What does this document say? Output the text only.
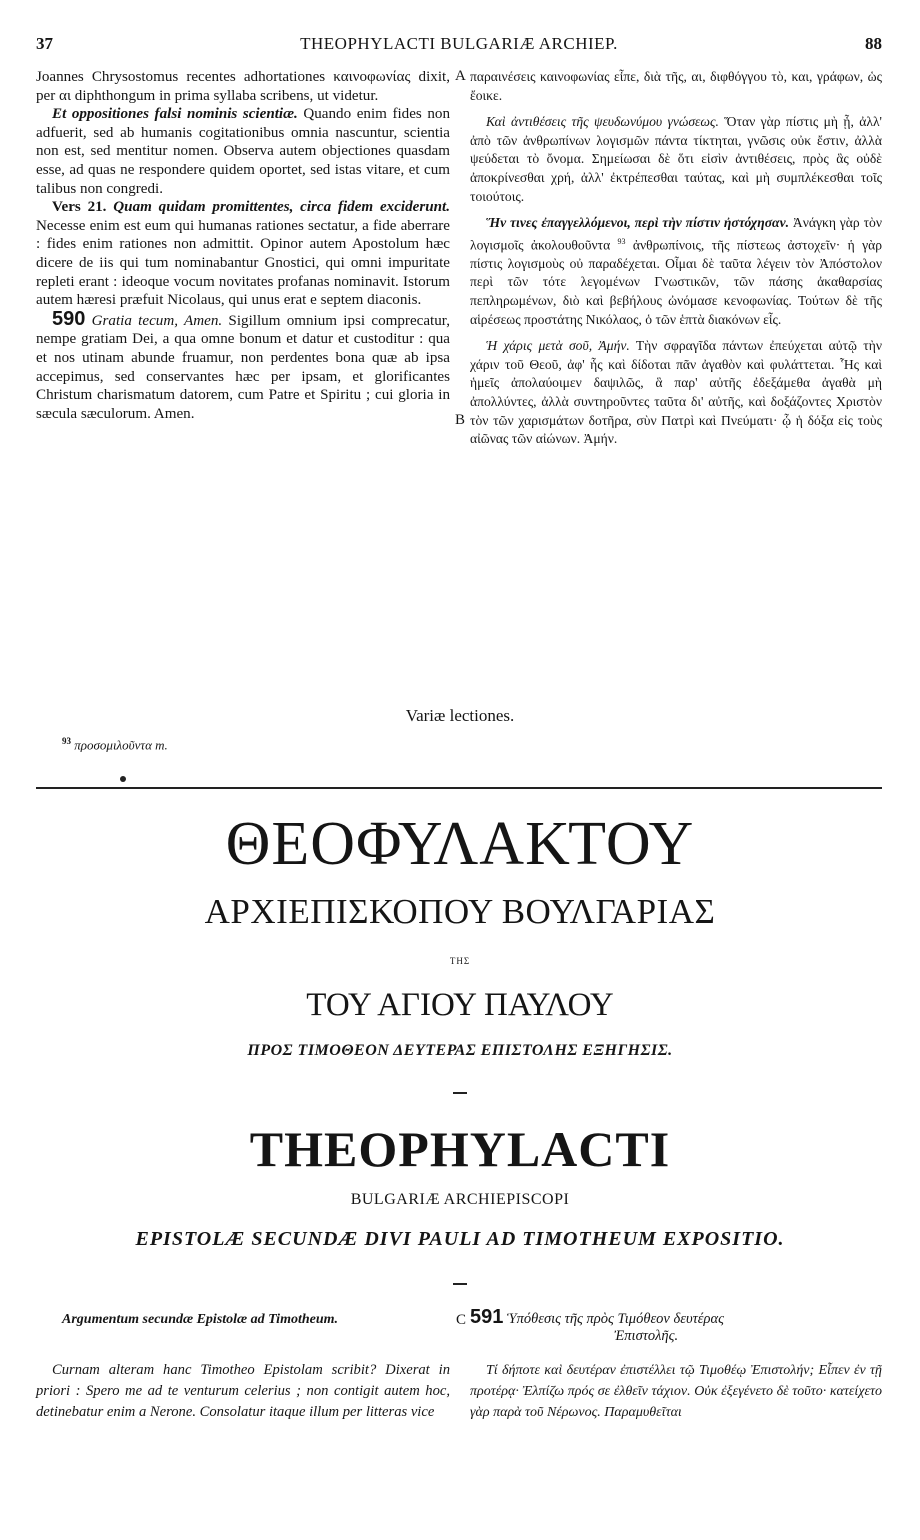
37	THEOPHYLACTI BULGARIÆ ARCHIEP.	88

Joannes Chrysostomus recentes adhortationes καινοφωνίας dixit, per αι diphthongum in prima syllaba scribens, ut videtur.

Et oppositiones falsi nominis scientiæ. Quando enim fides non adfuerit, sed ab humanis cogitationibus omnia nascuntur, scientia non est, sed mentitur nomen. Observa autem objectiones quasdam esse, ad quas ne respondere quidem oportet, sed istas vitare, et cum talibus non congredi.

Vers 21. Quam quidam promittentes, circa fidem exciderunt. Necesse enim est eum qui humanas rationes sectatur, a fide aberrare : fides enim rationes non admittit. Opinor autem Apostolum hæc dicere de iis qui tum nominabantur Gnostici, qui omni impuritate repleti erant : ideoque vocum novitates profanas nominavit. Istorum autem hæresi præfuit Nicolaus, qui unus erat e septem diaconis.

590 Gratia tecum, Amen. Sigillum omnium ipsi comprecatur, nempe gratiam Dei, a qua omne bonum et datur et custoditur : qua et nos utinam abunde fruamur, non perdentes bona quæ ab ipsa accepimus, sed conservantes hæc per ipsam, et glorificantes Christum charismatum datorem, cum Patre et Spiritu ; cui gloria in sæcula sæculorum. Amen.

A
B

παραινέσεις καινοφωνίας εἶπε, διὰ τῆς, αι, διφθόγγου τὸ, και, γράφων, ὡς ἔοικε.

Καὶ ἀντιθέσεις τῆς ψευδωνύμου γνώσεως. Ὅταν γὰρ πίστις μὴ ᾖ, ἀλλ' ἀπὸ τῶν ἀνθρωπίνων λογισμῶν πάντα τίκτηται, γνῶσις οὐκ ἔστιν, ἀλλὰ ψεύδεται τὸ ὄνομα. Σημείωσαι δὲ ὅτι εἰσὶν ἀντιθέσεις, πρὸς ἃς οὐδὲ ἀποκρίνεσθαι χρή, ἀλλ' ἐκτρέπεσθαι ταύτας, καὶ μὴ συμπλέκεσθαι τοῖς τοιούτοις.

Ἥν τινες ἐπαγγελλόμενοι, περὶ τὴν πίστιν ἠστόχησαν. Ἀνάγκη γὰρ τὸν λογισμοῖς ἀκολουθοῦντα $^{93}$ ἀνθρωπίνοις, τῆς πίστεως ἀστοχεῖν· ἡ γὰρ πίστις λογισμοὺς οὐ παραδέχεται. Οἶμαι δὲ ταῦτα λέγειν τὸν Ἀπόστολον περὶ τῶν τότε λεγομένων Γνωστικῶν, τῶν πάσης ἀκαθαρσίας πεπληρωμένων, διὸ καὶ βεβήλους ὠνόμασε κενοφωνίας. Τούτων δὲ τῆς αἱρέσεως προστάτης Νικόλαος, ὁ τῶν ἑπτὰ διακόνων εἷς.

Ἡ χάρις μετὰ σοῦ, Ἀμήν. Τὴν σφραγῖδα πάντων ἐπεύχεται αὐτῷ τὴν χάριν τοῦ Θεοῦ, ἀφ' ἧς καὶ δίδοται πᾶν ἀγαθὸν καὶ φυλάττεται. Ἧς καὶ ἡμεῖς ἀπολαύοιμεν δαψιλῶς, ἃ παρ' αὐτῆς ἐδεξάμεθα ἀγαθὰ μὴ ἀπολλύντες, ἀλλὰ συντηροῦντες ταῦτα δι' αὐτῆς, καὶ δοξάζοντες Χριστὸν τὸν τῶν χαρισμάτων δοτῆρα, σὺν Πατρὶ καὶ Πνεύματι· ᾧ ἡ δόξα εἰς τοὺς αἰῶνας τῶν αἰώνων. Ἀμήν.

Variæ lectiones.
$^{93}$ προσομιλοῦντα m.
ΘΕΟΦΥΛΑΚΤΟΥ
ΑΡΧΙΕΠΙΣΚΟΠΟΥ ΒΟΥΛΓΑΡΙΑΣ
ΤΗΣ
ΤΟΥ ΑΓΙΟΥ ΠΑΥΛΟΥ
ΠΡΟΣ ΤΙΜΟΘΕΟΝ ΔΕΥΤΕΡΑΣ ΕΠΙΣΤΟΛΗΣ ΕΞΗΓΗΣΙΣ.
THEOPHYLACTI
BULGARIÆ ARCHIEPISCOPI
EPISTOLÆ SECUNDÆ DIVI PAULI AD TIMOTHEUM EXPOSITIO.
Argumentum secundæ Epistolæ ad Timotheum.	C 591 Ὑπόθεσις τῆς πρὸς Τιμόθεον δευτέρας
Ἐπιστολῆς.

Curnam alteram hanc Timotheo Epistolam scribit? Dixerat in priori : Spero me ad te venturum celerius ; non contigit autem hoc, detinebatur enim a Nerone. Consolatur itaque illum per litteras vice

Τί δήποτε καὶ δευτέραν ἐπιστέλλει τῷ Τιμοθέῳ Ἐπιστολήν; Εἶπεν ἐν τῇ προτέρᾳ· Ἐλπίζω πρός σε ἐλθεῖν τάχιον. Οὐκ ἐξεγένετο δὲ τοῦτο· κατείχετο γὰρ παρὰ τοῦ Νέρωνος. Παραμυθεῖται
